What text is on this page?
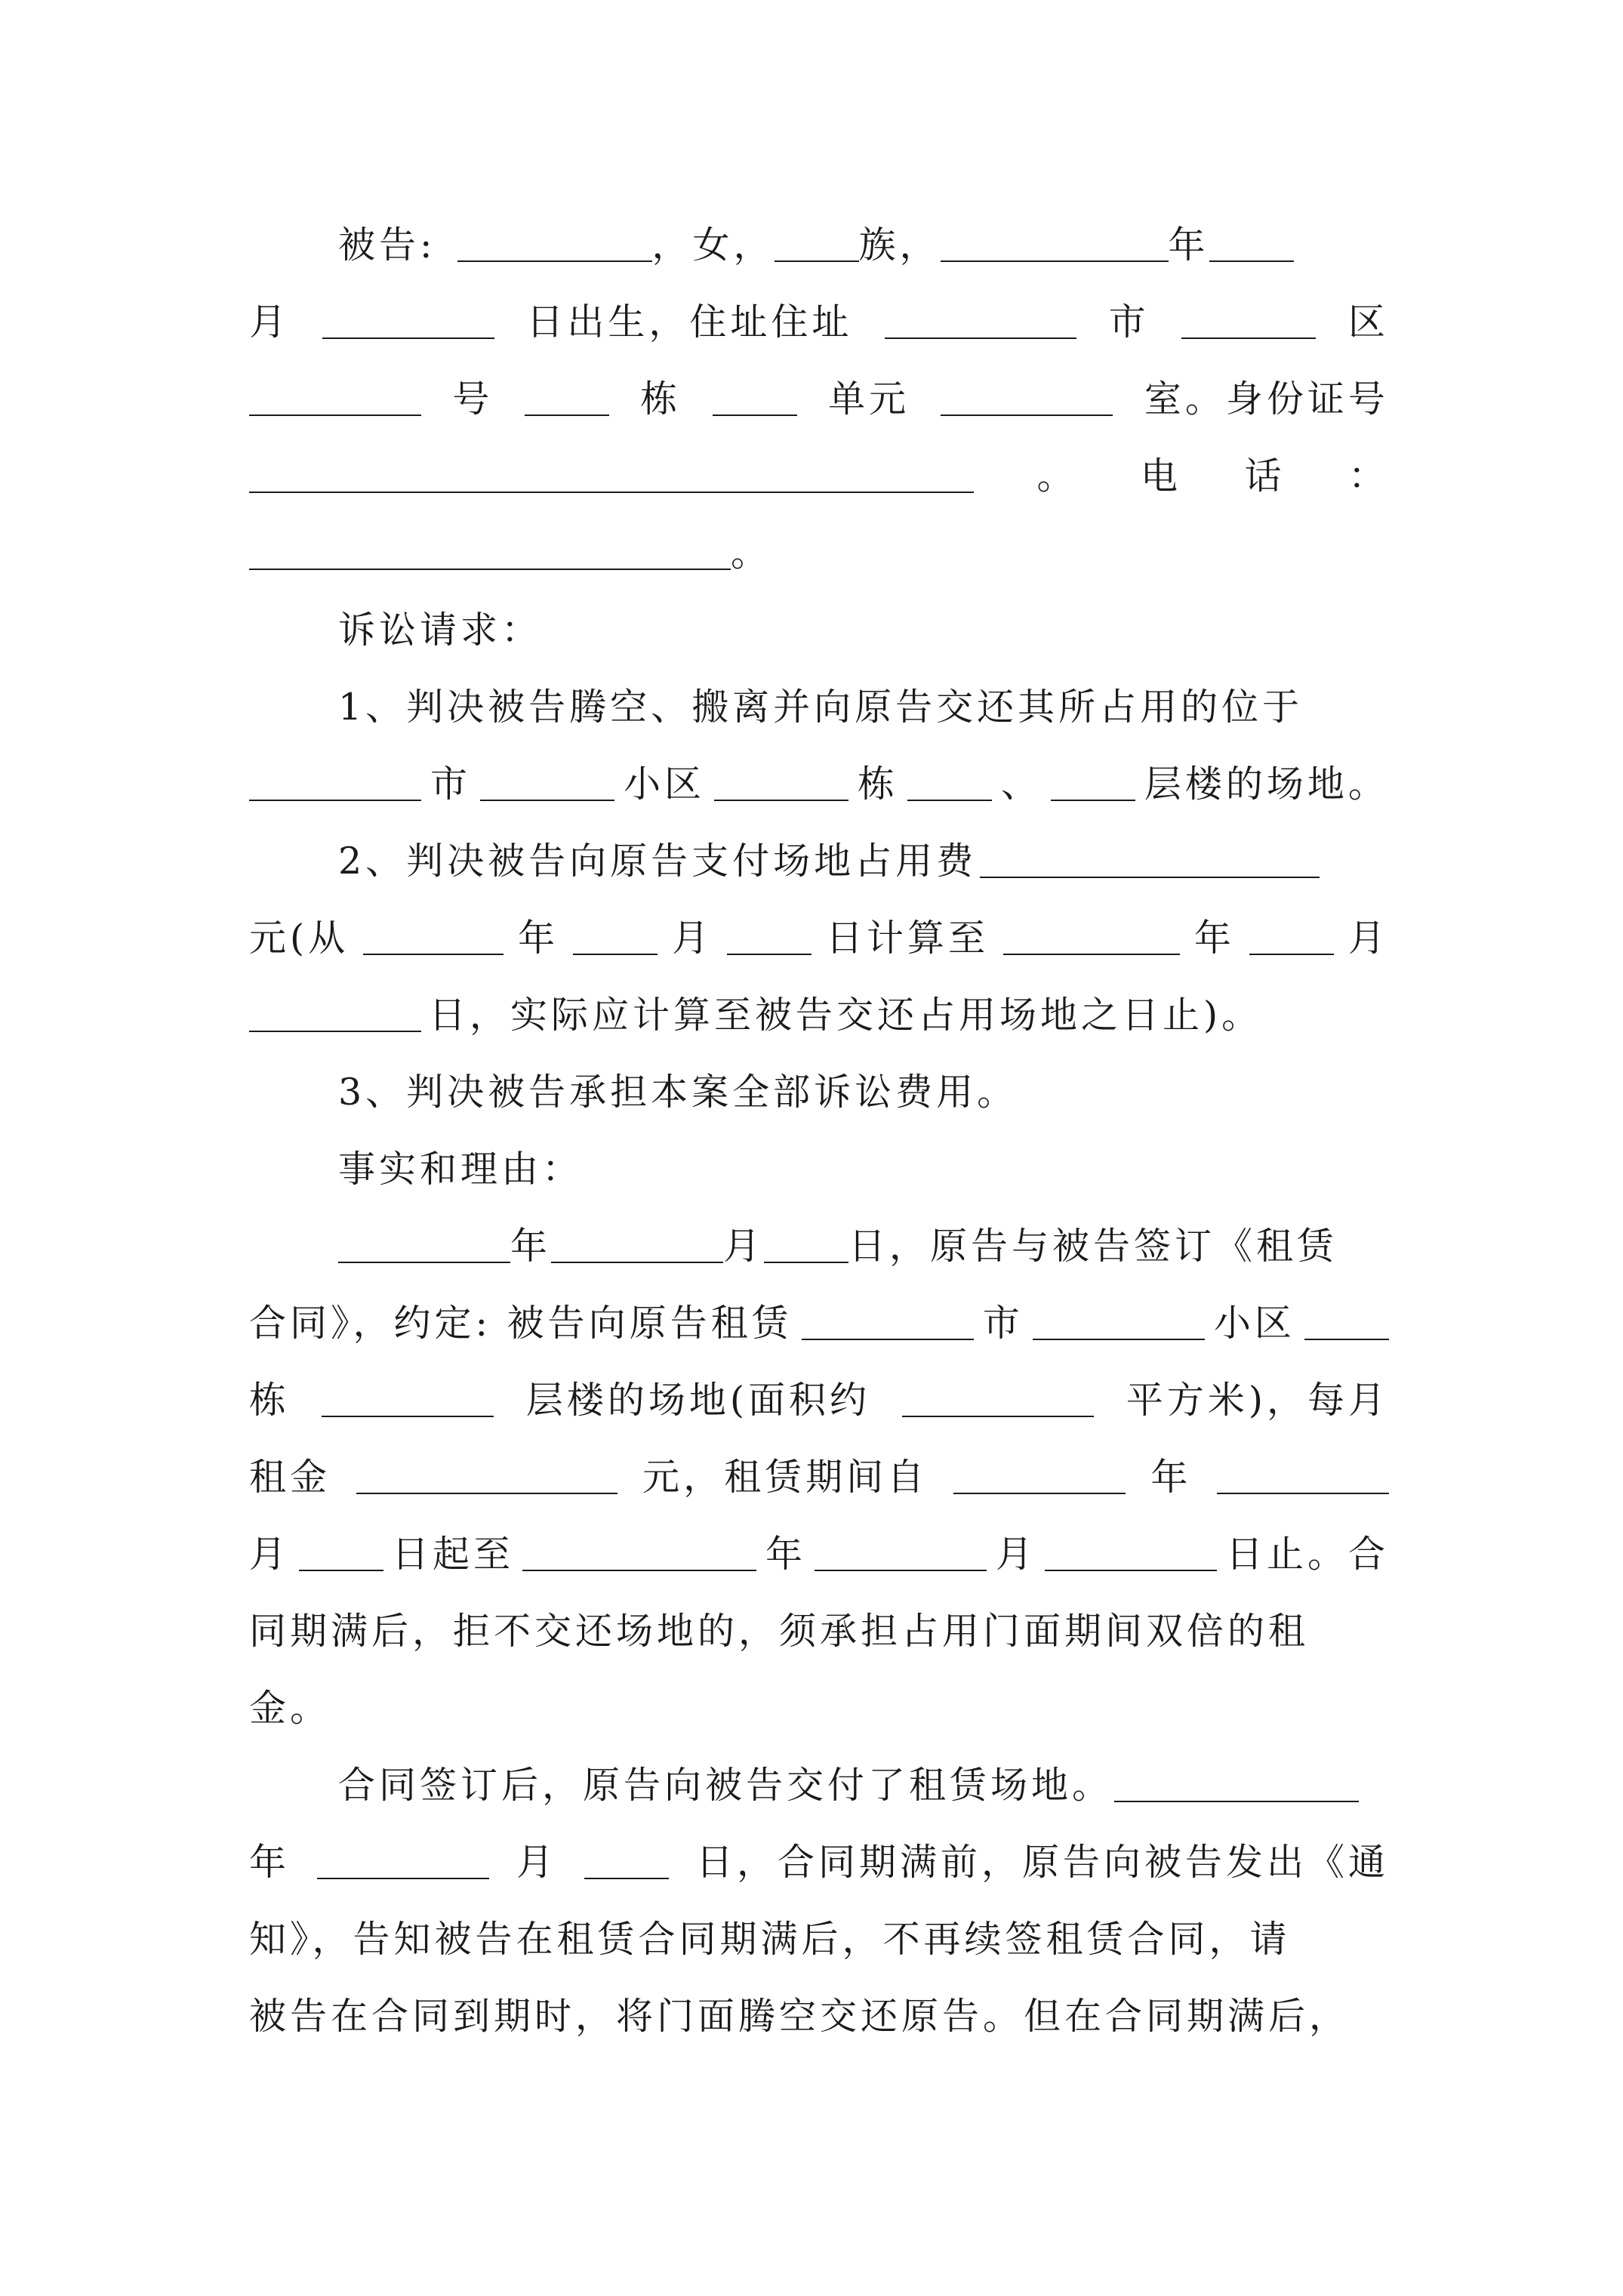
被告:	，女， 族，	年
月	日出生，住址住址	市	区
号	栋	单元	室。身份证号
。 电 话 ：
。
诉讼请求：
1、判决被告腾空、搬离并向原告交还其所占用的位于
市	小区	栋	、	层楼的场地。
2、判决被告向原告支付场地占用费
元(从	年	月	日计算至	年	月
日，实际应计算至被告交还占用场地之日止)。
3、判决被告承担本案全部诉讼费用。
事实和理由：
年	月 日，原告与被告签订《租赁
合同》，约定: 被告向原告租赁	市	小区
栋	层楼的场地(面积约	平方米)，每月
租金	元，租赁期间自	年
月	日起至	年	月	日止。合
同期满后，拒不交还场地的，须承担占用门面期间双倍的租
金。
合同签订后，原告向被告交付了租赁场地。
年	月	日，合同期满前，原告向被告发出《通
知》，告知被告在租赁合同期满后，不再续签租赁合同，请
被告在合同到期时，将门面腾空交还原告。但在合同期满后，
